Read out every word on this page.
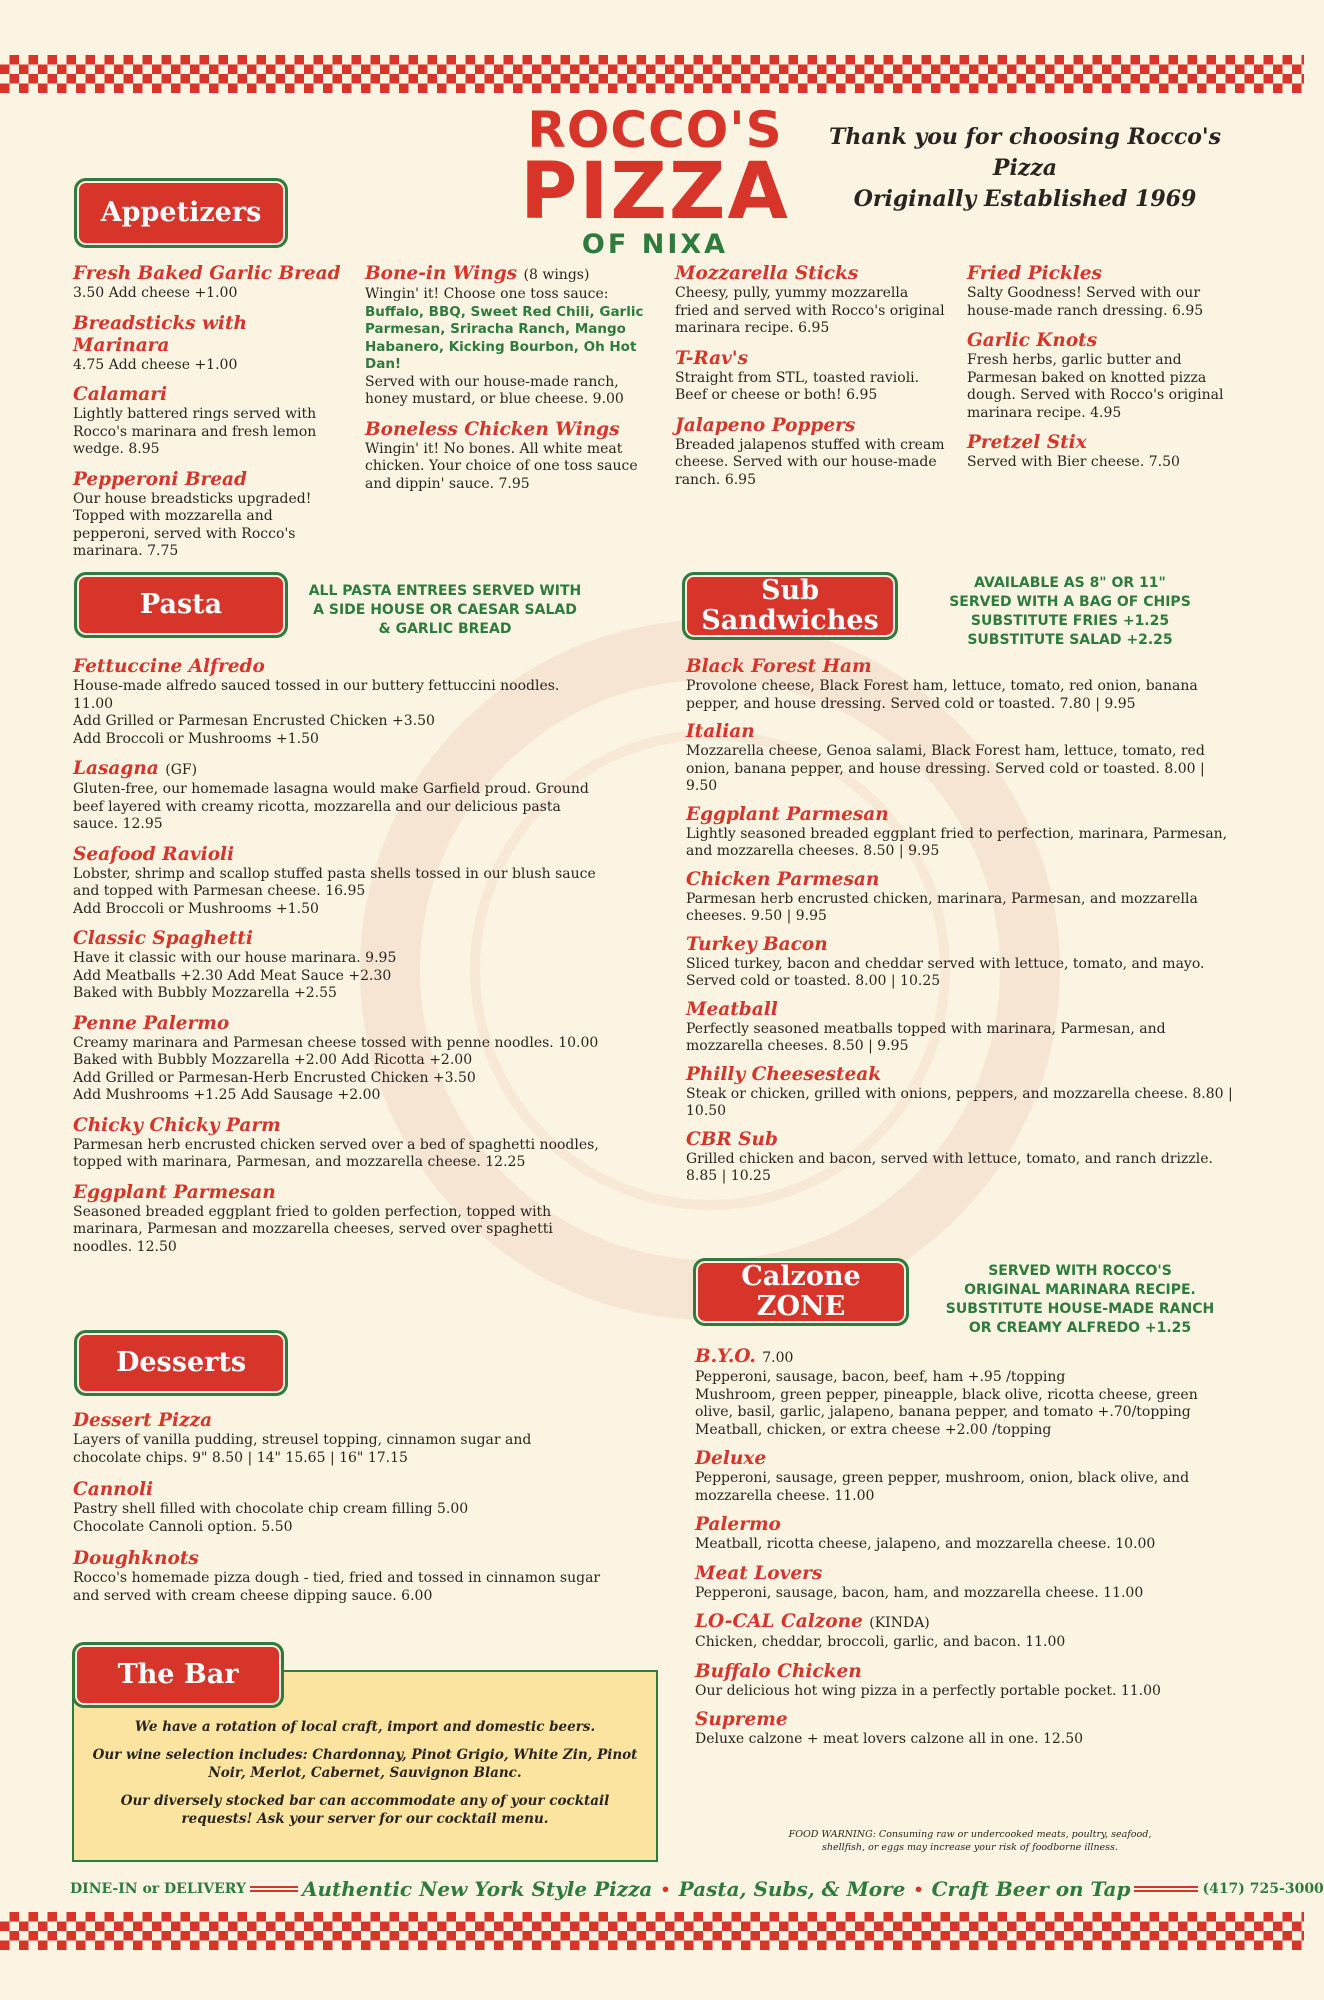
ROCCO'S
PIZZA
OF NIXA
Thank you for choosing Rocco's Pizza
Originally Established 1969
Appetizers
Fresh Baked Garlic Bread
3.50 Add cheese +1.00
Breadsticks with Marinara
4.75 Add cheese +1.00
Calamari
Lightly battered rings served with Rocco's marinara and fresh lemon wedge. 8.95
Pepperoni Bread
Our house breadsticks upgraded! Topped with mozzarella and pepperoni, served with Rocco's marinara. 7.75
Bone-in Wings (8 wings)
Wingin' it! Choose one toss sauce:
Buffalo, BBQ, Sweet Red Chili, Garlic Parmesan, Sriracha Ranch, Mango Habanero, Kicking Bourbon, Oh Hot Dan!
Served with our house-made ranch, honey mustard, or blue cheese. 9.00
Boneless Chicken Wings
Wingin' it! No bones. All white meat chicken. Your choice of one toss sauce and dippin' sauce. 7.95
Mozzarella Sticks
Cheesy, pully, yummy mozzarella fried and served with Rocco's original marinara recipe. 6.95
T-Rav's
Straight from STL, toasted ravioli. Beef or cheese or both! 6.95
Jalapeno Poppers
Breaded jalapenos stuffed with cream cheese. Served with our house-made ranch. 6.95
Fried Pickles
Salty Goodness! Served with our house-made ranch dressing. 6.95
Garlic Knots
Fresh herbs, garlic butter and Parmesan baked on knotted pizza dough. Served with Rocco's original marinara recipe. 4.95
Pretzel Stix
Served with Bier cheese. 7.50
Pasta	ALL PASTA ENTREES SERVED WITH A SIDE HOUSE OR CAESAR SALAD & GARLIC BREAD
Fettuccine Alfredo
House-made alfredo sauced tossed in our buttery fettuccini noodles. 11.00
Add Grilled or Parmesan Encrusted Chicken +3.50
Add Broccoli or Mushrooms +1.50
Lasagna (GF)
Gluten-free, our homemade lasagna would make Garfield proud. Ground beef layered with creamy ricotta, mozzarella and our delicious pasta sauce. 12.95
Seafood Ravioli
Lobster, shrimp and scallop stuffed pasta shells tossed in our blush sauce and topped with Parmesan cheese. 16.95
Add Broccoli or Mushrooms +1.50
Classic Spaghetti
Have it classic with our house marinara. 9.95
Add Meatballs +2.30 Add Meat Sauce +2.30
Baked with Bubbly Mozzarella +2.55
Penne Palermo
Creamy marinara and Parmesan cheese tossed with penne noodles. 10.00
Baked with Bubbly Mozzarella +2.00 Add Ricotta +2.00
Add Grilled or Parmesan-Herb Encrusted Chicken +3.50
Add Mushrooms +1.25 Add Sausage +2.00
Chicky Chicky Parm
Parmesan herb encrusted chicken served over a bed of spaghetti noodles, topped with marinara, Parmesan, and mozzarella cheese. 12.25
Eggplant Parmesan
Seasoned breaded eggplant fried to golden perfection, topped with marinara, Parmesan and mozzarella cheeses, served over spaghetti noodles. 12.50
Sub
Sandwiches
AVAILABLE AS 8" OR 11"
SERVED WITH A BAG OF CHIPS
SUBSTITUTE FRIES +1.25
SUBSTITUTE SALAD +2.25
Black Forest Ham
Provolone cheese, Black Forest ham, lettuce, tomato, red onion, banana pepper, and house dressing. Served cold or toasted. 7.80 | 9.95
Italian
Mozzarella cheese, Genoa salami, Black Forest ham, lettuce, tomato, red onion, banana pepper, and house dressing. Served cold or toasted. 8.00 | 9.50
Eggplant Parmesan
Lightly seasoned breaded eggplant fried to perfection, marinara, Parmesan, and mozzarella cheeses. 8.50 | 9.95
Chicken Parmesan
Parmesan herb encrusted chicken, marinara, Parmesan, and mozzarella cheeses. 9.50 | 9.95
Turkey Bacon
Sliced turkey, bacon and cheddar served with lettuce, tomato, and mayo. Served cold or toasted. 8.00 | 10.25
Meatball
Perfectly seasoned meatballs topped with marinara, Parmesan, and mozzarella cheeses. 8.50 | 9.95
Philly Cheesesteak
Steak or chicken, grilled with onions, peppers, and mozzarella cheese. 8.80 | 10.50
CBR Sub
Grilled chicken and bacon, served with lettuce, tomato, and ranch drizzle. 8.85 | 10.25
Calzone
ZONE
SERVED WITH ROCCO'S
ORIGINAL MARINARA RECIPE.
SUBSTITUTE HOUSE-MADE RANCH
OR CREAMY ALFREDO +1.25
B.Y.O. 7.00
Pepperoni, sausage, bacon, beef, ham +.95 /topping
Mushroom, green pepper, pineapple, black olive, ricotta cheese, green olive, basil, garlic, jalapeno, banana pepper, and tomato +.70/topping
Meatball, chicken, or extra cheese +2.00 /topping
Deluxe
Pepperoni, sausage, green pepper, mushroom, onion, black olive, and mozzarella cheese. 11.00
Palermo
Meatball, ricotta cheese, jalapeno, and mozzarella cheese. 10.00
Meat Lovers
Pepperoni, sausage, bacon, ham, and mozzarella cheese. 11.00
LO-CAL Calzone (KINDA)
Chicken, cheddar, broccoli, garlic, and bacon. 11.00
Buffalo Chicken
Our delicious hot wing pizza in a perfectly portable pocket. 11.00
Supreme
Deluxe calzone + meat lovers calzone all in one. 12.50
Desserts
Dessert Pizza
Layers of vanilla pudding, streusel topping, cinnamon sugar and chocolate chips. 9" 8.50 | 14" 15.65 | 16" 17.15
Cannoli
Pastry shell filled with chocolate chip cream filling 5.00
Chocolate Cannoli option. 5.50
Doughknots
Rocco's homemade pizza dough - tied, fried and tossed in cinnamon sugar and served with cream cheese dipping sauce. 6.00
The Bar

We have a rotation of local craft, import and domestic beers.

Our wine selection includes: Chardonnay, Pinot Grigio, White Zin, Pinot Noir, Merlot, Cabernet, Sauvignon Blanc.

Our diversely stocked bar can accommodate any of your cocktail requests! Ask your server for our cocktail menu.

FOOD WARNING: Consuming raw or undercooked meats, poultry, seafood, shellfish, or eggs may increase your risk of foodborne illness.
DINE-IN or DELIVERY	Authentic New York Style Pizza • Pasta, Subs, & More • Craft Beer on Tap	(417) 725-3000
